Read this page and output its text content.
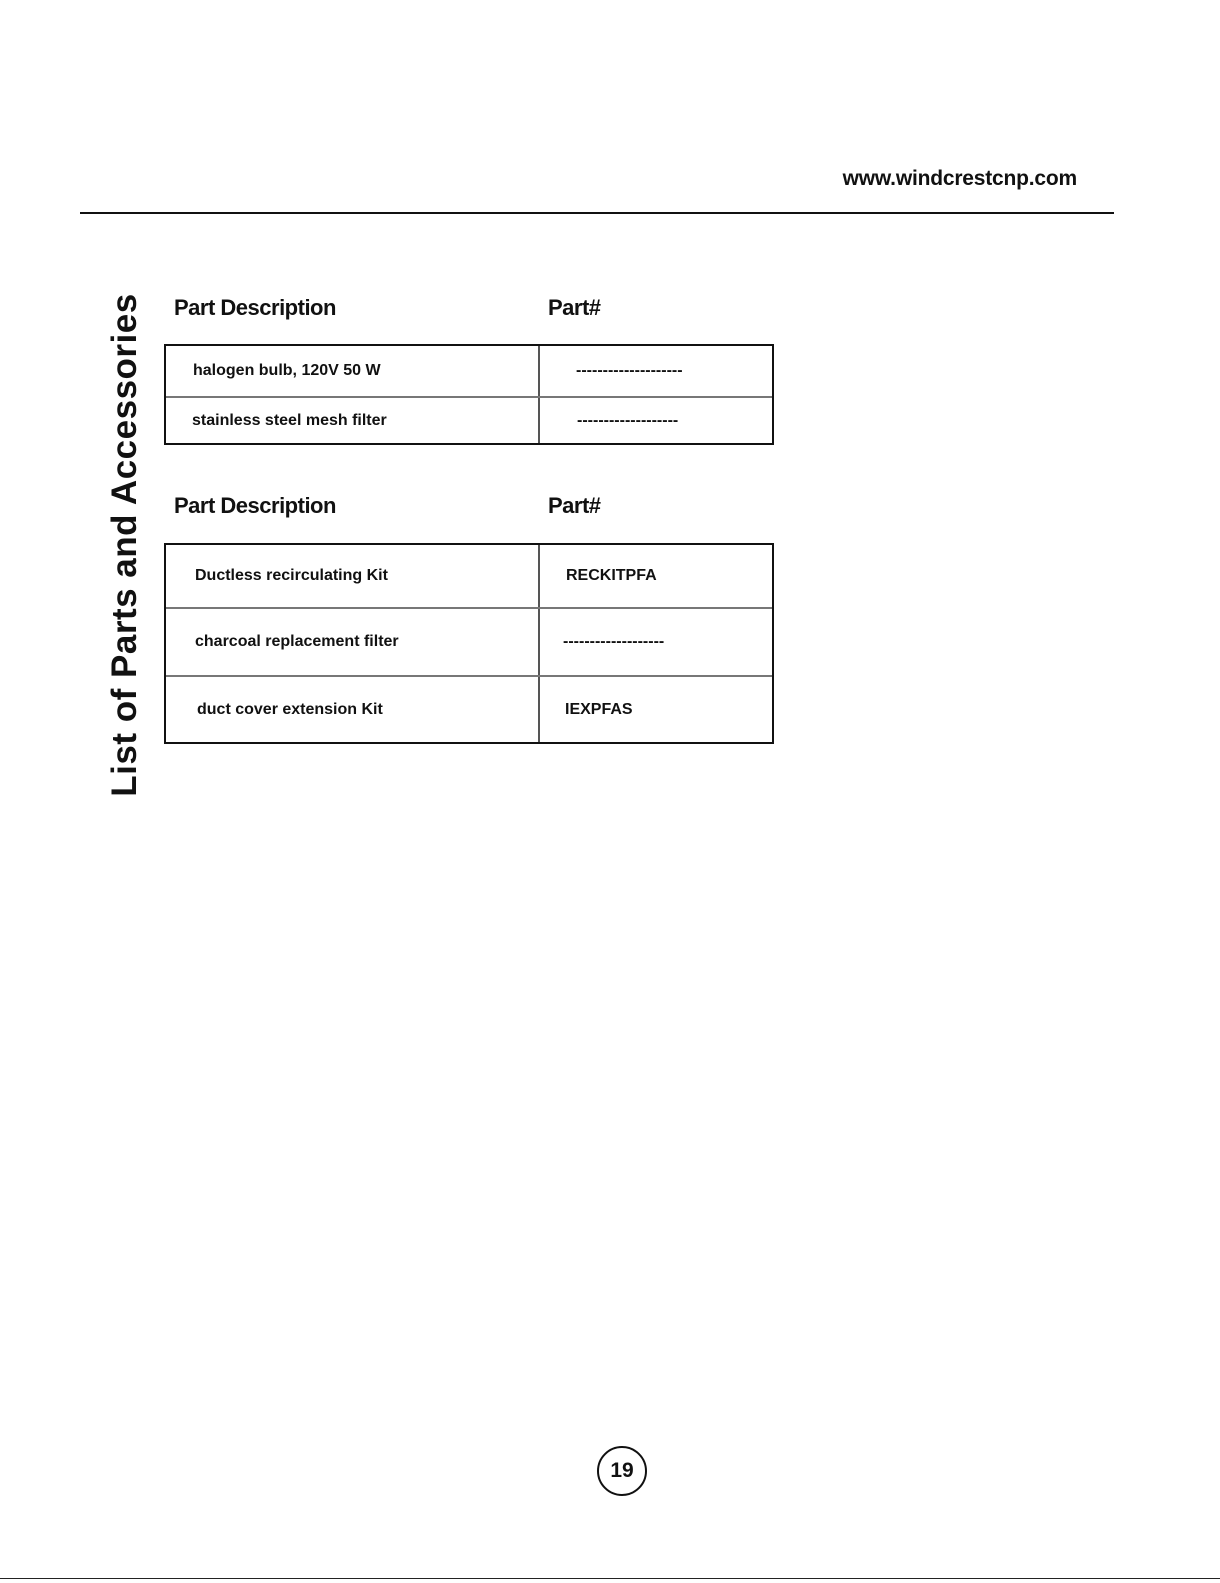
www.windcrestcnp.com
List of Parts and Accessories Part Description	Part#
halogen bulb, 120V 50 W	--------------------
stainless steel mesh filter	-------------------
Part Description	Part#
Ductless recirculating Kit	RECKITPFA
charcoal replacement filter	-------------------
duct cover extension Kit	IEXPFAS
19
